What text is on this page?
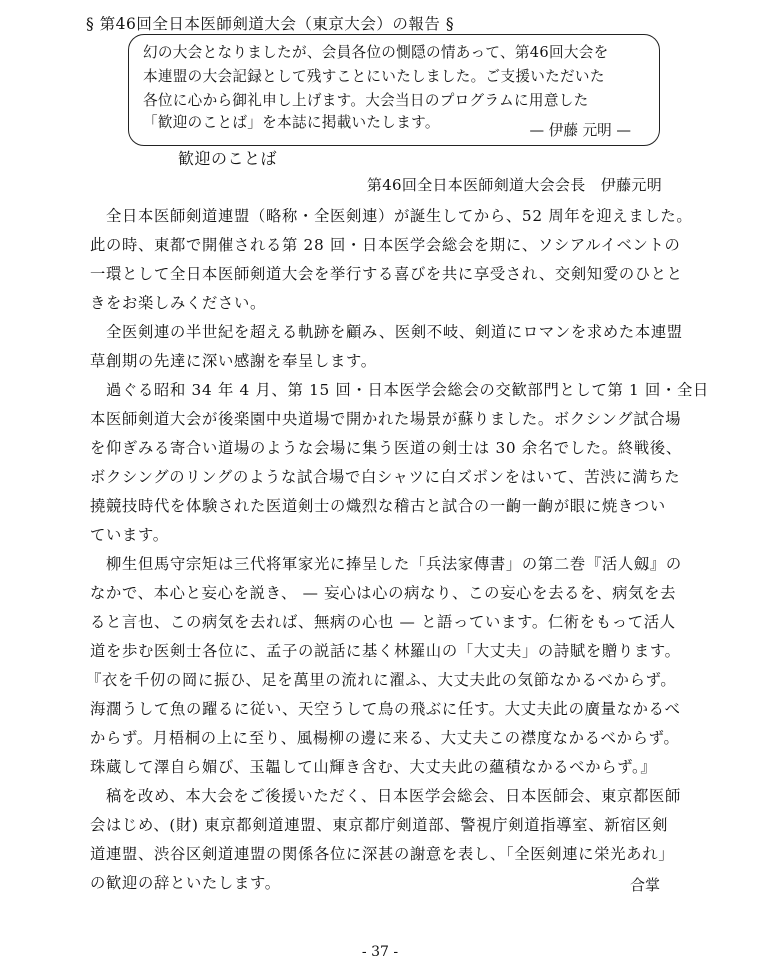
§ 第46回全日本医師剣道大会（東京大会）の報告 §
幻の大会となりましたが、会員各位の惻隠の情あって、第46回大会を
本連盟の大会記録として残すことにいたしました。ご支援いただいた
各位に心から御礼申し上げます。大会当日のプログラムに用意した
「歓迎のことば」を本誌に掲載いたします。	— 伊藤 元明 —
歓迎のことば
第46回全日本医師剣道大会会長　伊藤元明
全日本医師剣道連盟（略称・全医剣連）が誕生してから、52 周年を迎えました。
此の時、東都で開催される第 28 回・日本医学会総会を期に、ソシアルイベントの
一環として全日本医師剣道大会を挙行する喜びを共に享受され、交剣知愛のひとと
きをお楽しみください。
全医剣連の半世紀を超える軌跡を顧み、医剣不岐、剣道にロマンを求めた本連盟
草創期の先達に深い感謝を奉呈します。
過ぐる昭和 34 年 4 月、第 15 回・日本医学会総会の交歓部門として第 1 回・全日
本医師剣道大会が後楽園中央道場で開かれた場景が蘇りました。ボクシング試合場
を仰ぎみる寄合い道場のような会場に集う医道の剣士は 30 余名でした。終戦後、
ボクシングのリングのような試合場で白シャツに白ズボンをはいて、苦渋に満ちた
撓競技時代を体験された医道剣士の熾烈な稽古と試合の一齣一齣が眼に焼きつい
ています。
柳生但馬守宗矩は三代将軍家光に捧呈した「兵法家傳書」の第二巻『活人劔』の
なかで、本心と妄心を説き、 — 妄心は心の病なり、この妄心を去るを、病気を去
ると言也、この病気を去れば、無病の心也 — と語っています。仁術をもって活人
道を歩む医剣士各位に、孟子の説話に基く林羅山の「大丈夫」の詩賦を贈ります。
『衣を千仞の岡に振ひ、足を萬里の流れに濯ふ、大丈夫此の気節なかるべからず。
海濶うして魚の躍るに従い、天空うして鳥の飛ぶに任す。大丈夫此の廣量なかるべ
からず。月梧桐の上に至り、風楊柳の邊に来る、大丈夫この襟度なかるべからず。
珠蔵して澤自ら媚び、玉韞して山輝き含む、大丈夫此の蘊積なかるべからず。』
稿を改め、本大会をご後援いただく、日本医学会総会、日本医師会、東京都医師
会はじめ、(財) 東京都剣道連盟、東京都庁剣道部、警視庁剣道指導室、新宿区剣
道連盟、渋谷区剣道連盟の関係各位に深甚の謝意を表し、「全医剣連に栄光あれ」
の歓迎の辞といたします。	合掌
- 37 -
